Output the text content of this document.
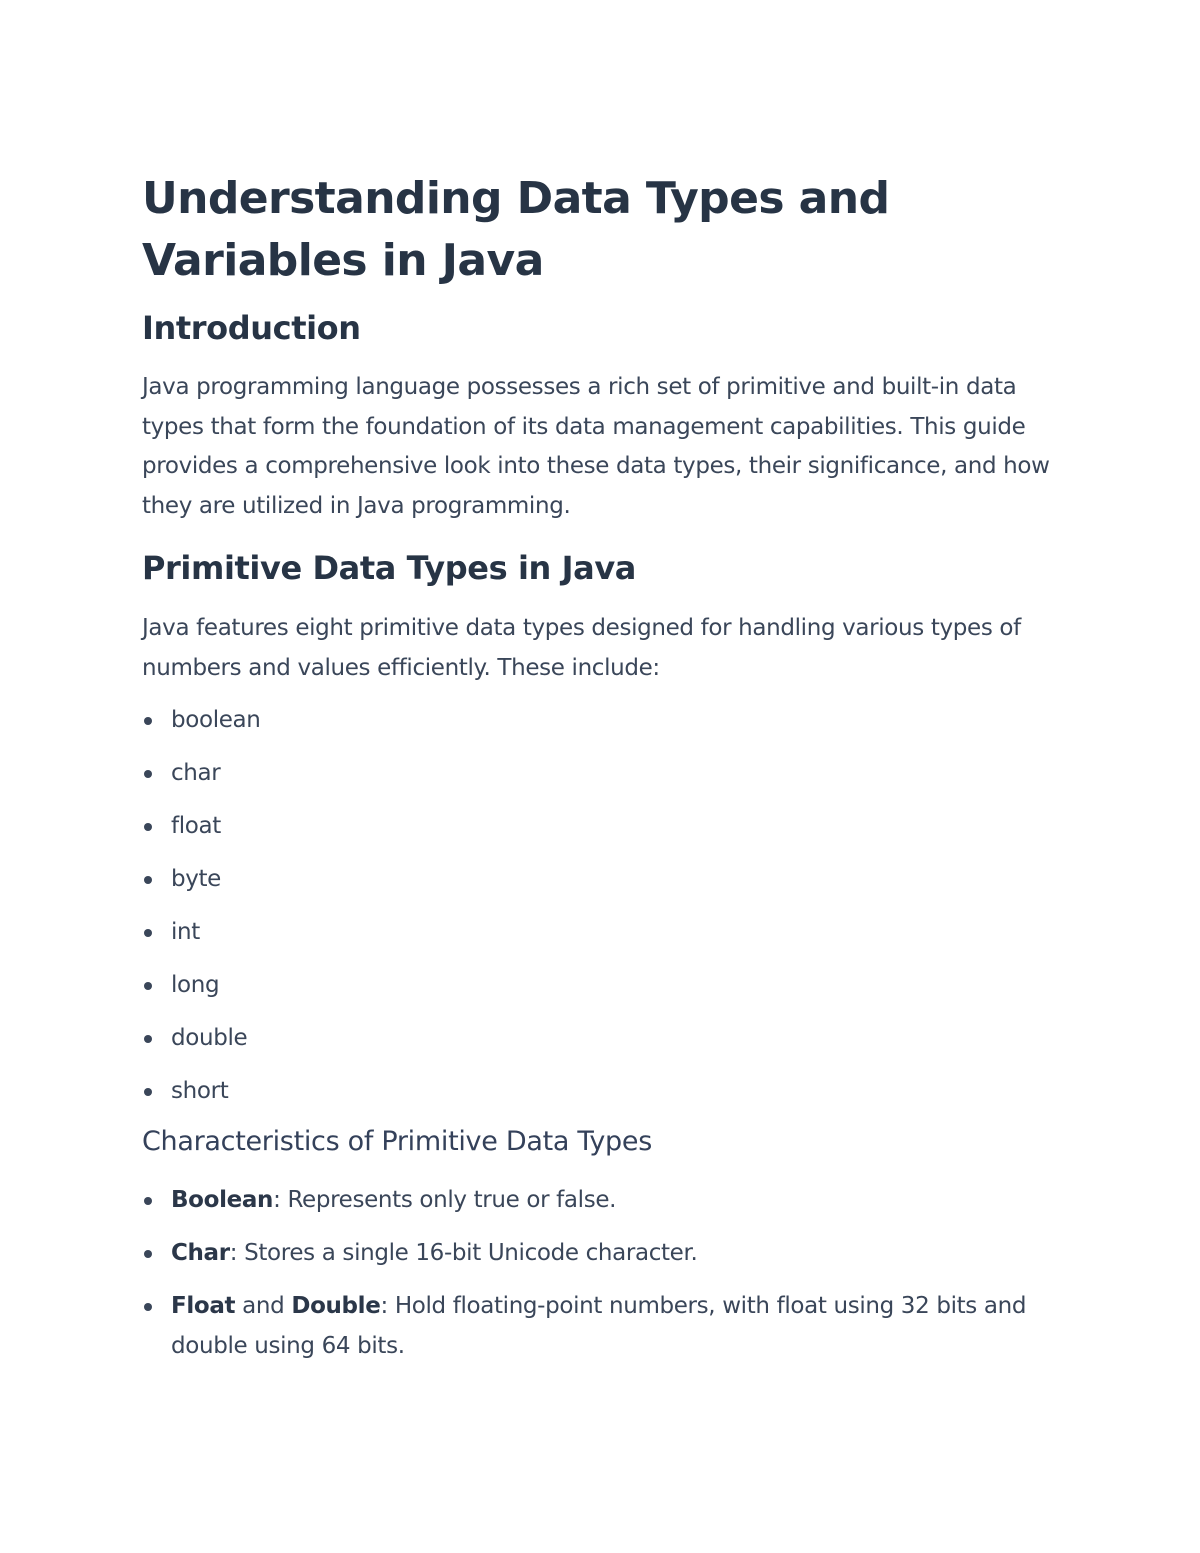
Understanding Data Types and Variables in Java
Introduction

Java programming language possesses a rich set of primitive and built-in data types that form the foundation of its data management capabilities. This guide provides a comprehensive look into these data types, their significance, and how they are utilized in Java programming.

Primitive Data Types in Java

Java features eight primitive data types designed for handling various types of numbers and values efficiently. These include:

boolean
char
float
byte
int
long
double
short
Characteristics of Primitive Data Types
Boolean: Represents only true or false.
Char: Stores a single 16-bit Unicode character.
Float and Double: Hold floating-point numbers, with float using 32 bits and double using 64 bits.
